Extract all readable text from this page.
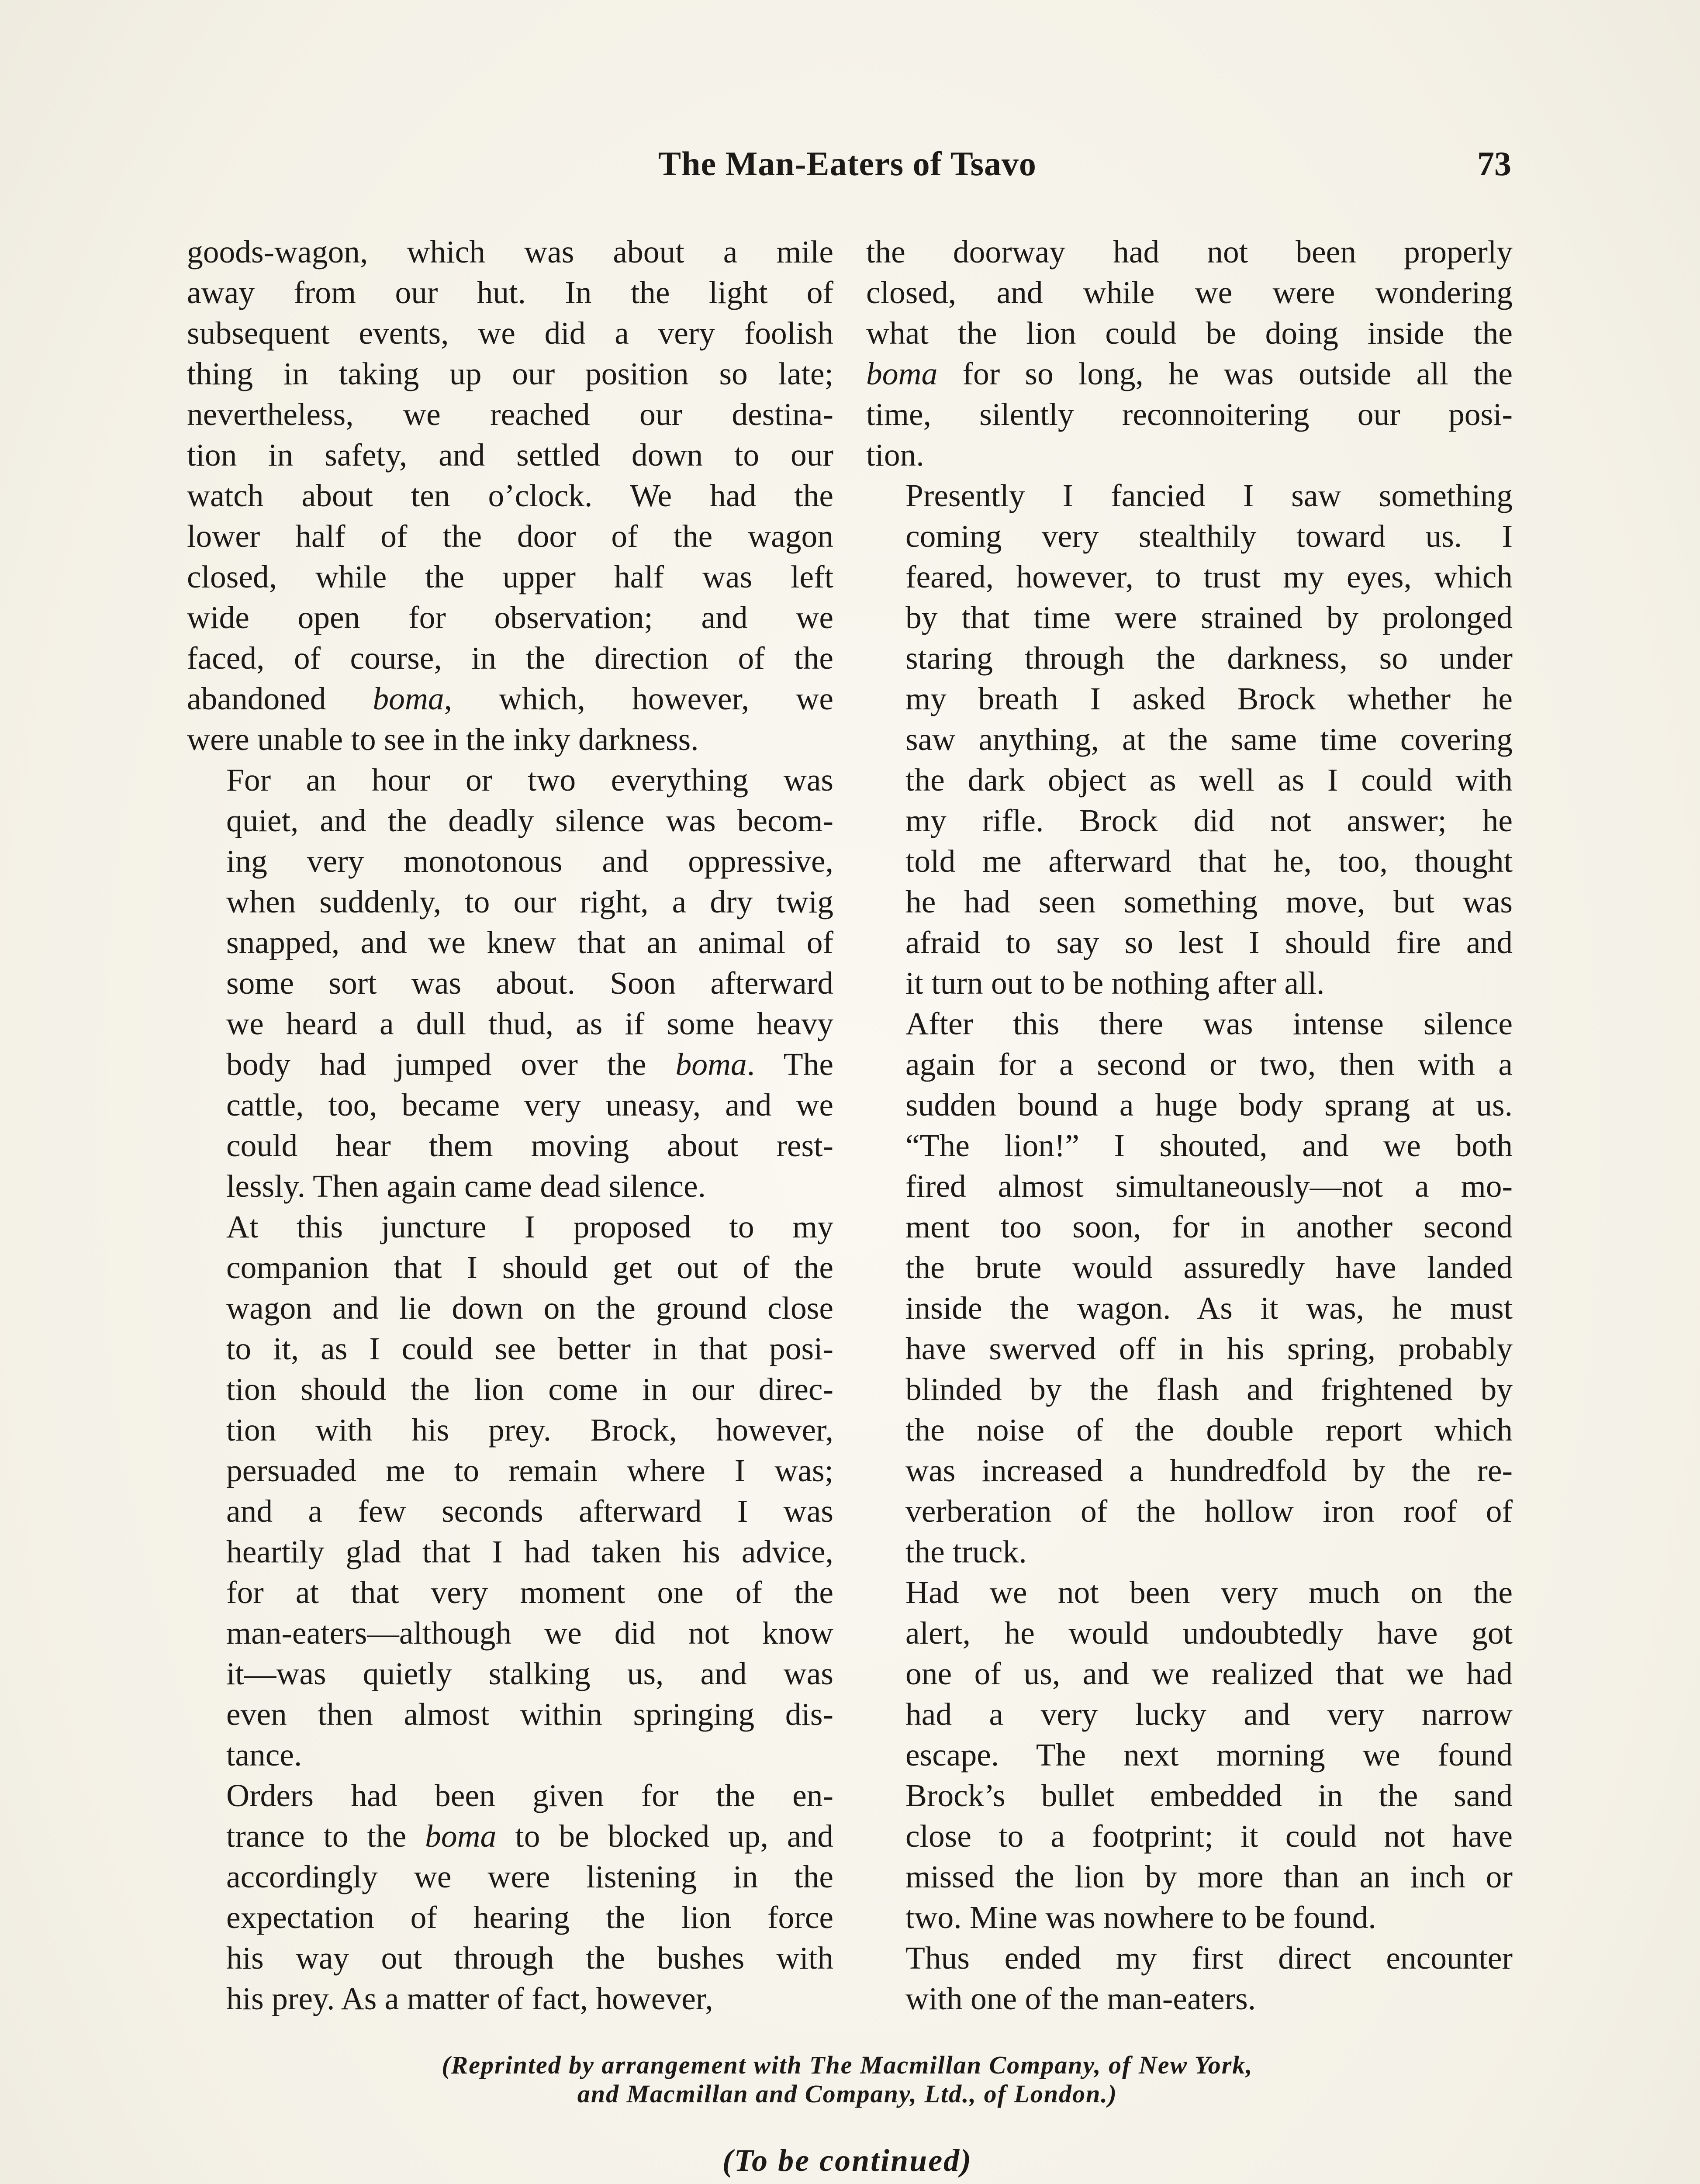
The Man-Eaters of Tsavo	73

goods-wagon, which was about a mile
away from our hut. In the light of
subsequent events, we did a very foolish
thing in taking up our position so late;
nevertheless, we reached our destina-
tion in safety, and settled down to our
watch about ten o’clock. We had the
lower half of the door of the wagon
closed, while the upper half was left
wide open for observation; and we
faced, of course, in the direction of the
abandoned boma, which, however, we
were unable to see in the inky darkness.

For an hour or two everything was
quiet, and the deadly silence was becom-
ing very monotonous and oppressive,
when suddenly, to our right, a dry twig
snapped, and we knew that an animal of
some sort was about. Soon afterward
we heard a dull thud, as if some heavy
body had jumped over the boma. The
cattle, too, became very uneasy, and we
could hear them moving about rest-
lessly. Then again came dead silence.

At this juncture I proposed to my
companion that I should get out of the
wagon and lie down on the ground close
to it, as I could see better in that posi-
tion should the lion come in our direc-
tion with his prey. Brock, however,
persuaded me to remain where I was;
and a few seconds afterward I was
heartily glad that I had taken his advice,
for at that very moment one of the
man-eaters—although we did not know
it—was quietly stalking us, and was
even then almost within springing dis-
tance.

Orders had been given for the en-
trance to the boma to be blocked up, and
accordingly we were listening in the
expectation of hearing the lion force
his way out through the bushes with
his prey. As a matter of fact, however,

the doorway had not been properly
closed, and while we were wondering
what the lion could be doing inside the
boma for so long, he was outside all the
time, silently reconnoitering our posi-
tion.

Presently I fancied I saw something
coming very stealthily toward us. I
feared, however, to trust my eyes, which
by that time were strained by prolonged
staring through the darkness, so under
my breath I asked Brock whether he
saw anything, at the same time covering
the dark object as well as I could with
my rifle. Brock did not answer; he
told me afterward that he, too, thought
he had seen something move, but was
afraid to say so lest I should fire and
it turn out to be nothing after all.

After this there was intense silence
again for a second or two, then with a
sudden bound a huge body sprang at us.
“The lion!” I shouted, and we both
fired almost simultaneously—not a mo-
ment too soon, for in another second
the brute would assuredly have landed
inside the wagon. As it was, he must
have swerved off in his spring, probably
blinded by the flash and frightened by
the noise of the double report which
was increased a hundredfold by the re-
verberation of the hollow iron roof of
the truck.

Had we not been very much on the
alert, he would undoubtedly have got
one of us, and we realized that we had
had a very lucky and very narrow
escape. The next morning we found
Brock’s bullet embedded in the sand
close to a footprint; it could not have
missed the lion by more than an inch or
two. Mine was nowhere to be found.

Thus ended my first direct encounter
with one of the man-eaters.

(Reprinted by arrangement with The Macmillan Company, of New York,
and Macmillan and Company, Ltd., of London.)
(To be continued)
